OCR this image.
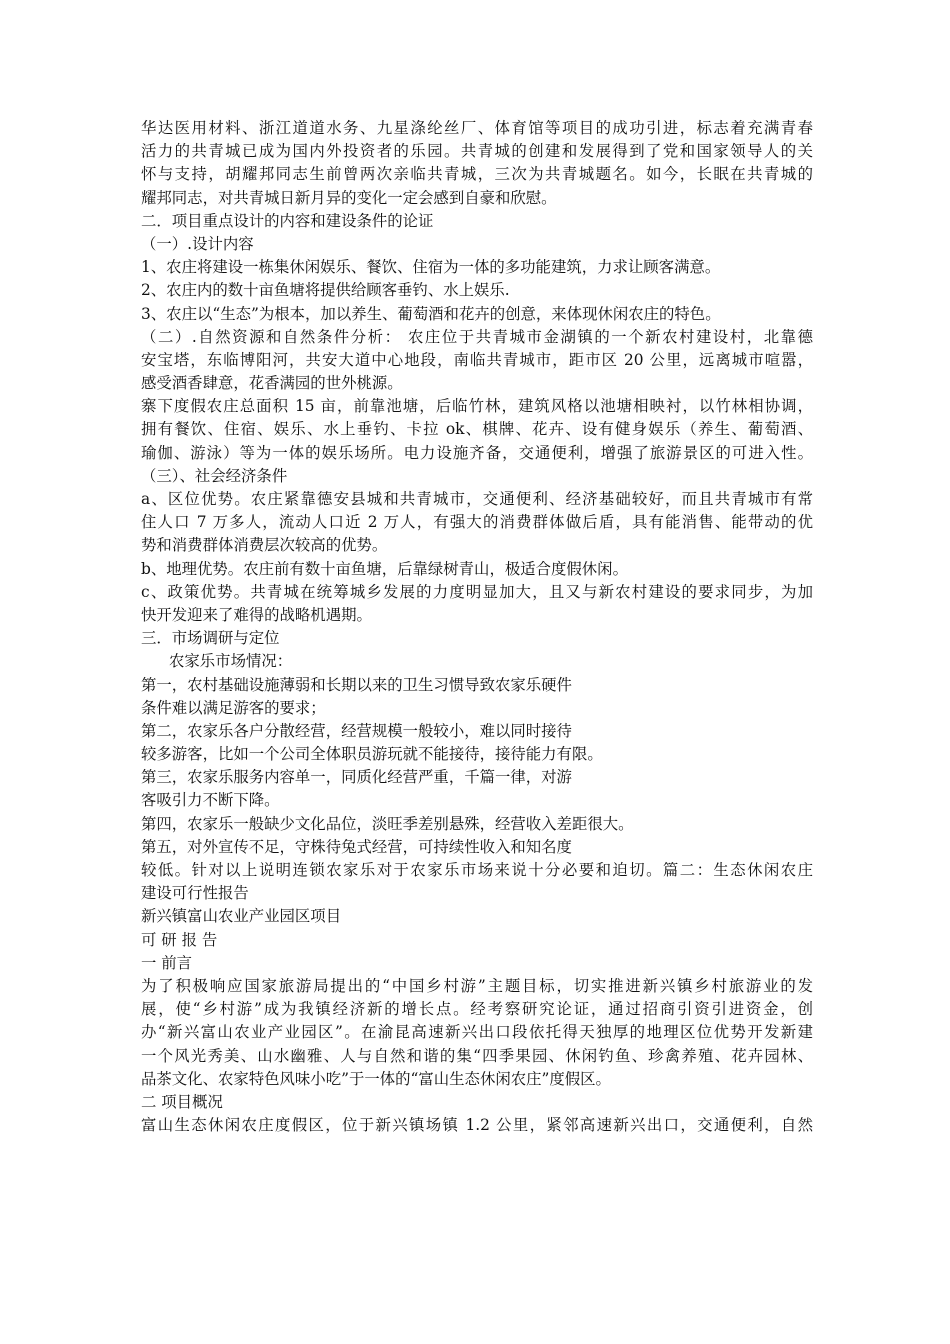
华达医用材料、浙江道道水务、九星涤纶丝厂、体育馆等项目的成功引进，标志着充满青春
活力的共青城已成为国内外投资者的乐园。共青城的创建和发展得到了党和国家领导人的关
怀与支持，胡耀邦同志生前曾两次亲临共青城，三次为共青城题名。如今，长眠在共青城的
耀邦同志，对共青城日新月异的变化一定会感到自豪和欣慰。
二．项目重点设计的内容和建设条件的论证
（一）.设计内容
1、农庄将建设一栋集休闲娱乐、餐饮、住宿为一体的多功能建筑，力求让顾客满意。
2、农庄内的数十亩鱼塘将提供给顾客垂钓、水上娱乐.
3、农庄以“生态”为根本，加以养生、葡萄酒和花卉的创意，来体现休闲农庄的特色。
（二）.自然资源和自然条件分析： 农庄位于共青城市金湖镇的一个新农村建设村，北靠德
安宝塔，东临博阳河，共安大道中心地段，南临共青城市，距市区 20 公里，远离城市喧嚣，
感受酒香肆意，花香满园的世外桃源。
寨下度假农庄总面积 15 亩，前靠池塘，后临竹林，建筑风格以池塘相映衬，以竹林相协调，
拥有餐饮、住宿、娱乐、水上垂钓、卡拉 ok、棋牌、花卉、设有健身娱乐（养生、葡萄酒、
瑜伽、游泳）等为一体的娱乐场所。电力设施齐备，交通便利，增强了旅游景区的可进入性。
（三）、社会经济条件
a、区位优势。农庄紧靠德安县城和共青城市，交通便利、经济基础较好，而且共青城市有常
住人口 7 万多人，流动人口近 2 万人，有强大的消费群体做后盾，具有能消售、能带动的优
势和消费群体消费层次较高的优势。
b、地理优势。农庄前有数十亩鱼塘，后靠绿树青山，极适合度假休闲。
c、政策优势。共青城在统筹城乡发展的力度明显加大，且又与新农村建设的要求同步，为加
快开发迎来了难得的战略机遇期。
三．市场调研与定位
农家乐市场情况：
第一，农村基础设施薄弱和长期以来的卫生习惯导致农家乐硬件
条件难以满足游客的要求；
第二，农家乐各户分散经营，经营规模一般较小，难以同时接待
较多游客，比如一个公司全体职员游玩就不能接待，接待能力有限。
第三，农家乐服务内容单一，同质化经营严重，千篇一律，对游
客吸引力不断下降。
第四，农家乐一般缺少文化品位，淡旺季差别悬殊，经营收入差距很大。
第五，对外宣传不足，守株待兔式经营，可持续性收入和知名度
较低。针对以上说明连锁农家乐对于农家乐市场来说十分必要和迫切。篇二：生态休闲农庄
建设可行性报告
新兴镇富山农业产业园区项目
可 研 报 告
一 前言
为了积极响应国家旅游局提出的“中国乡村游”主题目标，切实推进新兴镇乡村旅游业的发
展，使“乡村游”成为我镇经济新的增长点。经考察研究论证，通过招商引资引进资金，创
办“新兴富山农业产业园区”。在渝昆高速新兴出口段依托得天独厚的地理区位优势开发新建
一个风光秀美、山水幽雅、人与自然和谐的集“四季果园、休闲钓鱼、珍禽养殖、花卉园林、
品茶文化、农家特色风味小吃”于一体的“富山生态休闲农庄”度假区。
二 项目概况
富山生态休闲农庄度假区，位于新兴镇场镇 1.2 公里，紧邻高速新兴出口，交通便利，自然
